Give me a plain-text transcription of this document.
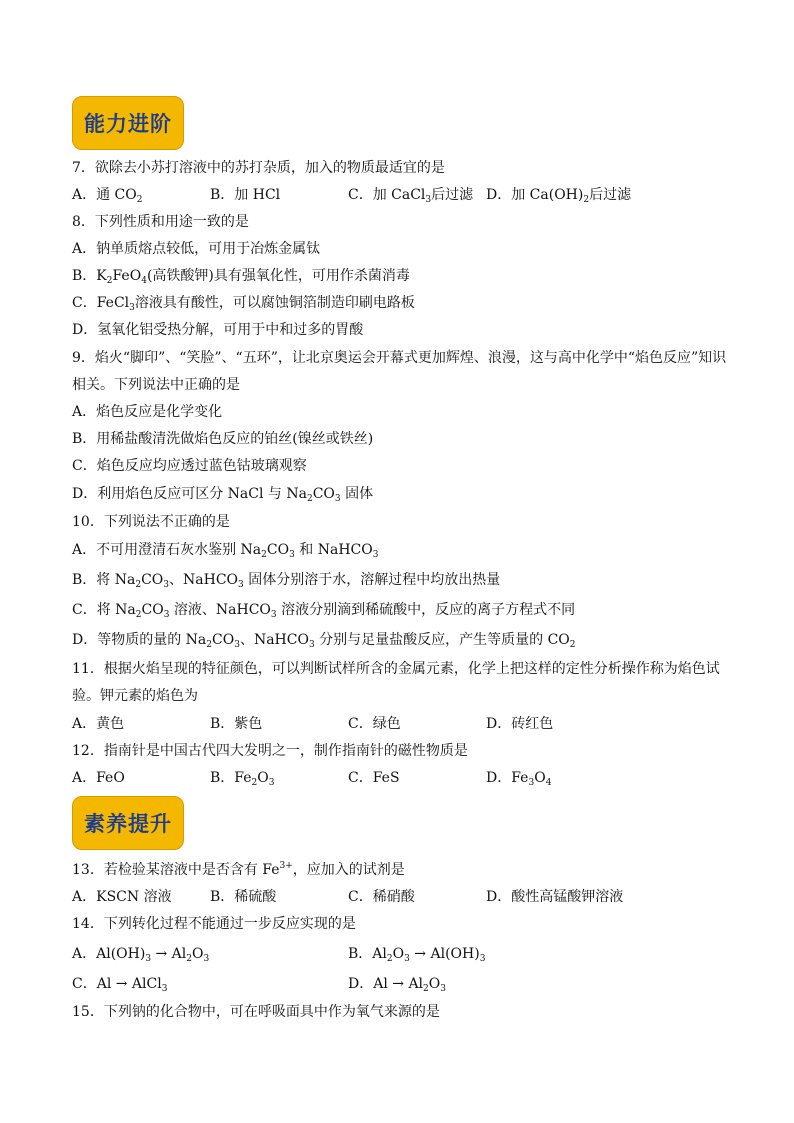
能力进阶
7．欲除去小苏打溶液中的苏打杂质，加入的物质最适宜的是
A．通 $CO_2$	B．加 HCl	C．加 CaCl$_3$后过滤 D．加 $Ca(OH)_2$后过滤
8．下列性质和用途一致的是
A．钠单质熔点较低，可用于冶炼金属钛
B．$K_2FeO_4$(高铁酸钾)具有强氧化性，可用作杀菌消毒
C．FeCl$_3$溶液具有酸性，可以腐蚀铜箔制造印刷电路板
D．氢氧化铝受热分解，可用于中和过多的胃酸
9．焰火“脚印”、“笑脸”、“五环”，让北京奥运会开幕式更加辉煌、浪漫，这与高中化学中“焰色反应”知识
相关。下列说法中正确的是
A．焰色反应是化学变化
B．用稀盐酸清洗做焰色反应的铂丝(镍丝或铁丝)
C．焰色反应均应透过蓝色钴玻璃观察
D．利用焰色反应可区分 NaCl 与 $Na_2CO_3$ 固体
10．下列说法不正确的是
A．不可用澄清石灰水鉴别 $Na_2CO_3$ 和 NaHCO$_3$
B．将 $Na_2CO_3$、NaHCO$_3$ 固体分别溶于水，溶解过程中均放出热量
C．将 $Na_2CO_3$ 溶液、NaHCO$_3$ 溶液分别滴到稀硫酸中，反应的离子方程式不同
D．等物质的量的 $Na_2CO_3$、NaHCO$_3$ 分别与足量盐酸反应，产生等质量的 $CO_2$
11．根据火焰呈现的特征颜色，可以判断试样所含的金属元素，化学上把这样的定性分析操作称为焰色试
验。钾元素的焰色为
A．黄色	B．紫色	C．绿色	D．砖红色
12．指南针是中国古代四大发明之一，制作指南针的磁性物质是
A．FeO	B．$Fe_2O_3$	C．FeS	D．$Fe_3O_4$
素养提升
13．若检验某溶液中是否含有 $Fe^{3+}$，应加入的试剂是
A．KSCN 溶液	B．稀硫酸	C．稀硝酸	D．酸性高锰酸钾溶液
14．下列转化过程不能通过一步反应实现的是
A．$Al(OH)_3 \to Al_2O_3$	B．$Al_2O_3 \to Al(OH)_3$
C．Al → AlCl$_3$	D．$Al \to Al_2O_3$
15．下列钠的化合物中，可在呼吸面具中作为氧气来源的是
